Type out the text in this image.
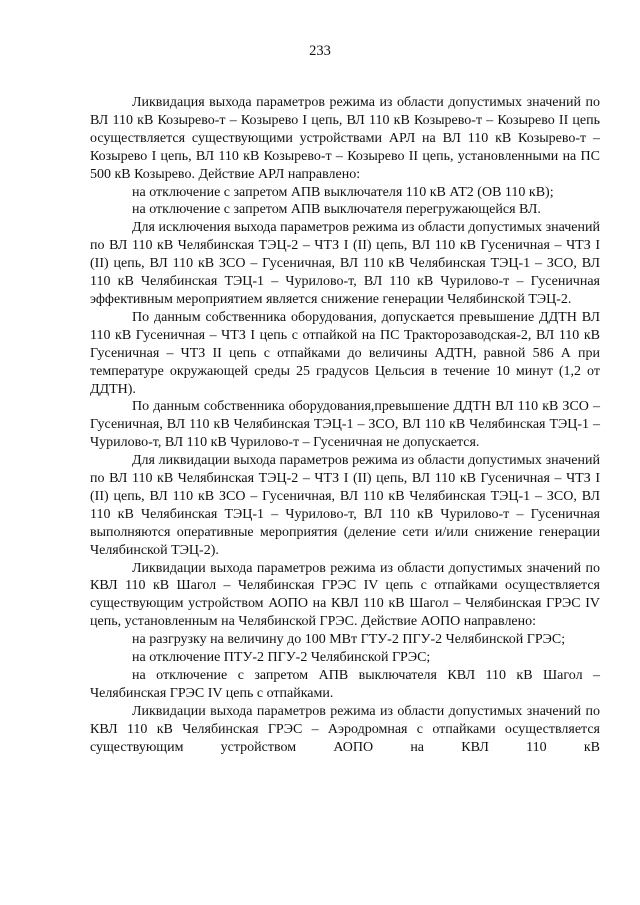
233

Ликвидация выхода параметров режима из области допустимых значений по ВЛ 110 кВ Козырево-т – Козырево I цепь, ВЛ 110 кВ Козырево-т – Козырево II цепь осуществляется существующими устройствами АРЛ на ВЛ 110 кВ Козырево-т – Козырево I цепь, ВЛ 110 кВ Козырево-т – Козырево II цепь, установленными на ПС 500 кВ Козырево. Действие АРЛ направлено:

на отключение с запретом АПВ выключателя 110 кВ АТ2 (ОВ 110 кВ);

на отключение с запретом АПВ выключателя перегружающейся ВЛ.

Для исключения выхода параметров режима из области допустимых значений по ВЛ 110 кВ Челябинская ТЭЦ-2 – ЧТЗ I (II) цепь, ВЛ 110 кВ Гусеничная – ЧТЗ I (II) цепь, ВЛ 110 кВ ЗСО – Гусеничная, ВЛ 110 кВ Челябинская ТЭЦ-1 – ЗСО, ВЛ 110 кВ Челябинская ТЭЦ-1 – Чурилово-т, ВЛ 110 кВ Чурилово-т – Гусеничная эффективным мероприятием является снижение генерации Челябинской ТЭЦ-2.

По данным собственника оборудования, допускается превышение ДДТН ВЛ 110 кВ Гусеничная – ЧТЗ I цепь с отпайкой на ПС Тракторозаводская-2, ВЛ 110 кВ Гусеничная – ЧТЗ II цепь с отпайками до величины АДТН, равной 586 А при температуре окружающей среды 25 градусов Цельсия в течение 10 минут (1,2 от ДДТН).

По данным собственника оборудования,превышение ДДТН ВЛ 110 кВ ЗСО – Гусеничная, ВЛ 110 кВ Челябинская ТЭЦ-1 – ЗСО, ВЛ 110 кВ Челябинская ТЭЦ-1 – Чурилово-т, ВЛ 110 кВ Чурилово-т – Гусеничная не допускается.

Для ликвидации выхода параметров режима из области допустимых значений по ВЛ 110 кВ Челябинская ТЭЦ-2 – ЧТЗ I (II) цепь, ВЛ 110 кВ Гусеничная – ЧТЗ I (II) цепь, ВЛ 110 кВ ЗСО – Гусеничная, ВЛ 110 кВ Челябинская ТЭЦ-1 – ЗСО, ВЛ 110 кВ Челябинская ТЭЦ-1 – Чурилово-т, ВЛ 110 кВ Чурилово-т – Гусеничная выполняются оперативные мероприятия (деление сети и/или снижение генерации Челябинской ТЭЦ-2).

Ликвидации выхода параметров режима из области допустимых значений по КВЛ 110 кВ Шагол – Челябинская ГРЭС IV цепь с отпайками осуществляется существующим устройством АОПО на КВЛ 110 кВ Шагол – Челябинская ГРЭС IV цепь, установленным на Челябинской ГРЭС. Действие АОПО направлено:

на разгрузку на величину до 100 МВт ГТУ-2 ПГУ-2 Челябинской ГРЭС;

на отключение ПТУ-2 ПГУ-2 Челябинской ГРЭС;

на отключение с запретом АПВ выключателя КВЛ 110 кВ Шагол – Челябинская ГРЭС IV цепь с отпайками.

Ликвидации выхода параметров режима из области допустимых значений по КВЛ 110 кВ Челябинская ГРЭС – Аэродромная с отпайками осуществляется существующим устройством АОПО на КВЛ 110 кВ
